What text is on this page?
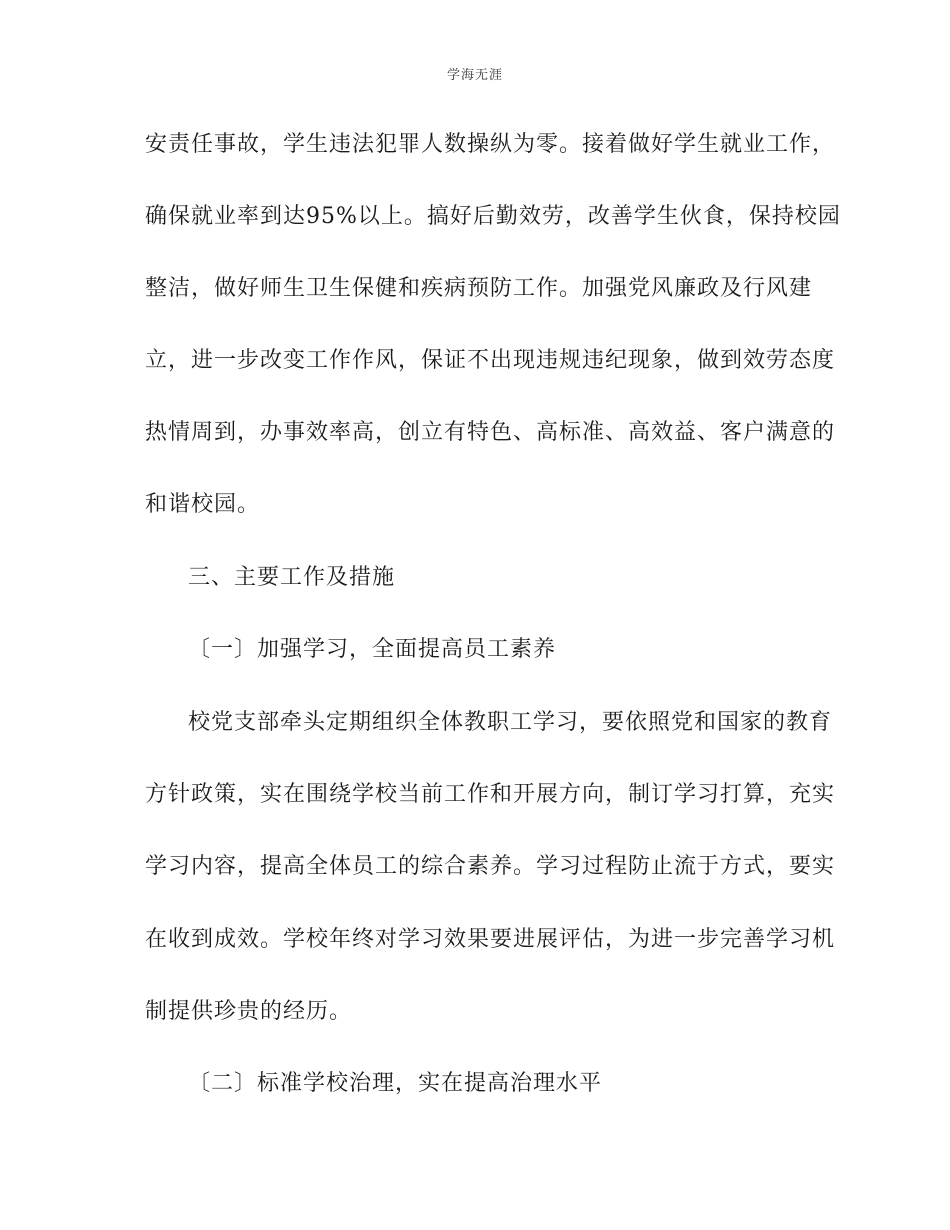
学海无涯
安责任事故，学生违法犯罪人数操纵为零。接着做好学生就业工作，
确保就业率到达95%以上。搞好后勤效劳，改善学生伙食，保持校园
整洁，做好师生卫生保健和疾病预防工作。加强党风廉政及行风建
立，进一步改变工作作风，保证不出现违规违纪现象，做到效劳态度
热情周到，办事效率高，创立有特色、高标准、高效益、客户满意的
和谐校园。
三、主要工作及措施
〔一〕加强学习，全面提高员工素养
校党支部牵头定期组织全体教职工学习，要依照党和国家的教育
方针政策，实在围绕学校当前工作和开展方向，制订学习打算，充实
学习内容，提高全体员工的综合素养。学习过程防止流于方式，要实
在收到成效。学校年终对学习效果要进展评估，为进一步完善学习机
制提供珍贵的经历。
〔二〕标准学校治理，实在提高治理水平
